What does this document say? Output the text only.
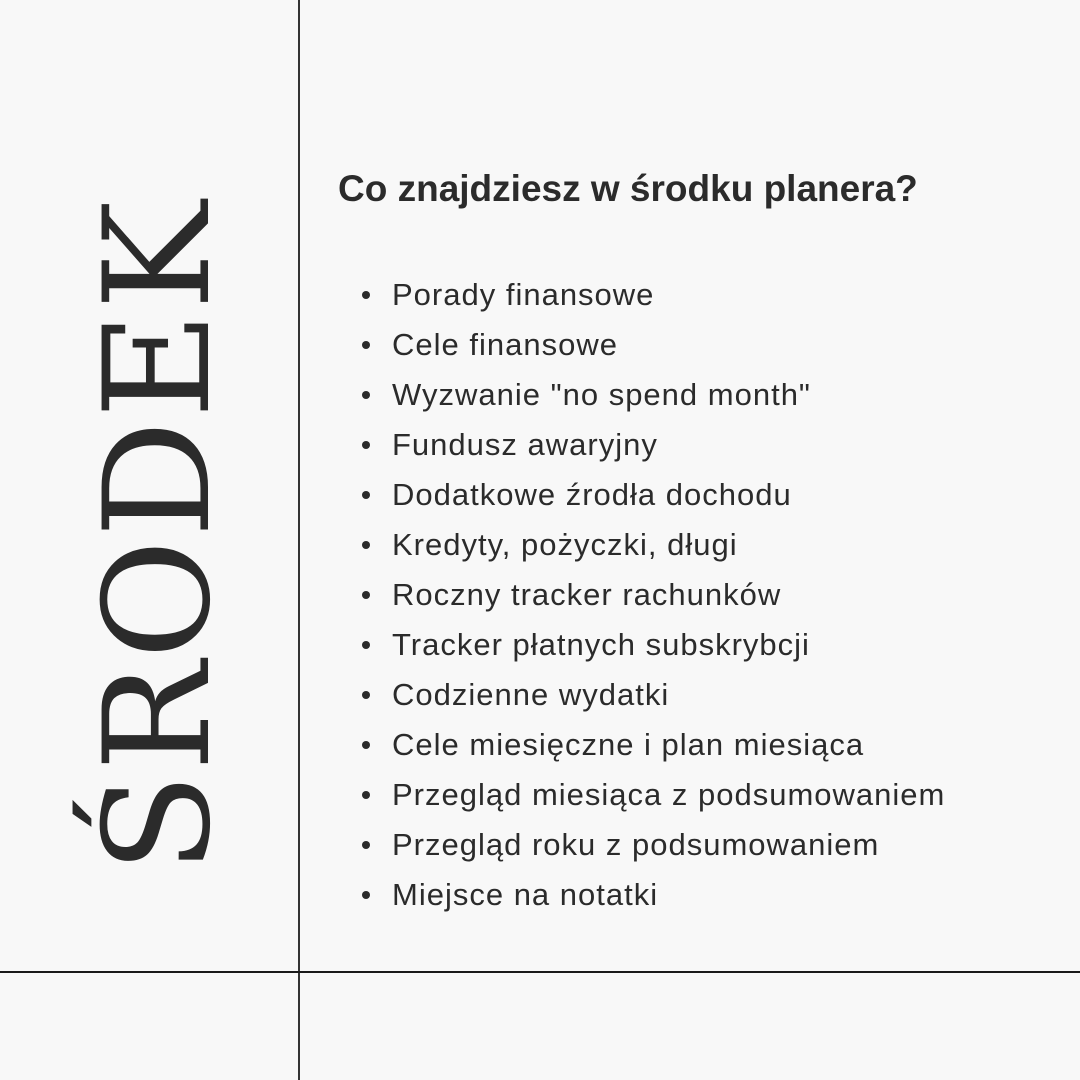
ŚRODEK
Co znajdziesz w środku planera?
Porady finansowe
Cele finansowe
Wyzwanie "no spend month"
Fundusz awaryjny
Dodatkowe źrodła dochodu
Kredyty, pożyczki, długi
Roczny tracker rachunków
Tracker płatnych subskrybcji
Codzienne wydatki
Cele miesięczne i plan miesiąca
Przegląd miesiąca z podsumowaniem
Przegląd roku z podsumowaniem
Miejsce na notatki
